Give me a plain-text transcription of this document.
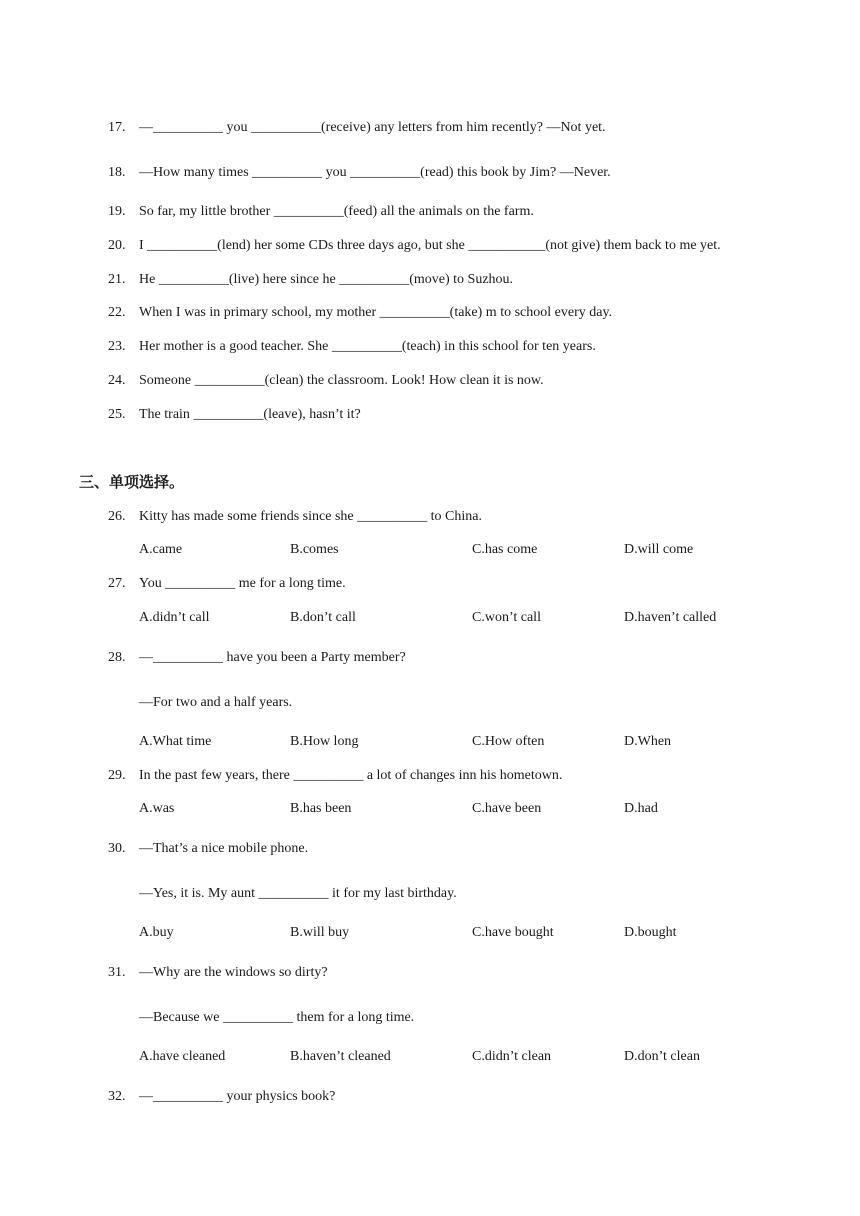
17. —__________ you __________(receive) any letters from him recently? —Not yet.
18. —How many times __________ you __________(read) this book by Jim? —Never.
19. So far, my little brother __________(feed) all the animals on the farm.
20. I __________(lend) her some CDs three days ago, but she ___________(not give) them back to me yet.
21. He __________(live) here since he __________(move) to Suzhou.
22. When I was in primary school, my mother __________(take) m to school every day.
23. Her mother is a good teacher. She __________(teach) in this school for ten years.
24. Someone __________(clean) the classroom. Look! How clean it is now.
25. The train __________(leave), hasn’t it?
三、单项选择。
26. Kitty has made some friends since she __________ to China.
A.came	B.comes	C.has come	D.will come
27. You __________ me for a long time.
A.didn’t call	B.don’t call	C.won’t call	D.haven’t called
28. —__________ have you been a Party member?
—For two and a half years.
A.What time	B.How long	C.How often	D.When
29. In the past few years, there __________ a lot of changes inn his hometown.
A.was	B.has been	C.have been	D.had
30. —That’s a nice mobile phone.
—Yes, it is. My aunt __________ it for my last birthday.
A.buy	B.will buy	C.have bought	D.bought
31. —Why are the windows so dirty?
—Because we __________ them for a long time.
A.have cleaned	B.haven’t cleaned	C.didn’t clean	D.don’t clean
32. —__________ your physics book?
